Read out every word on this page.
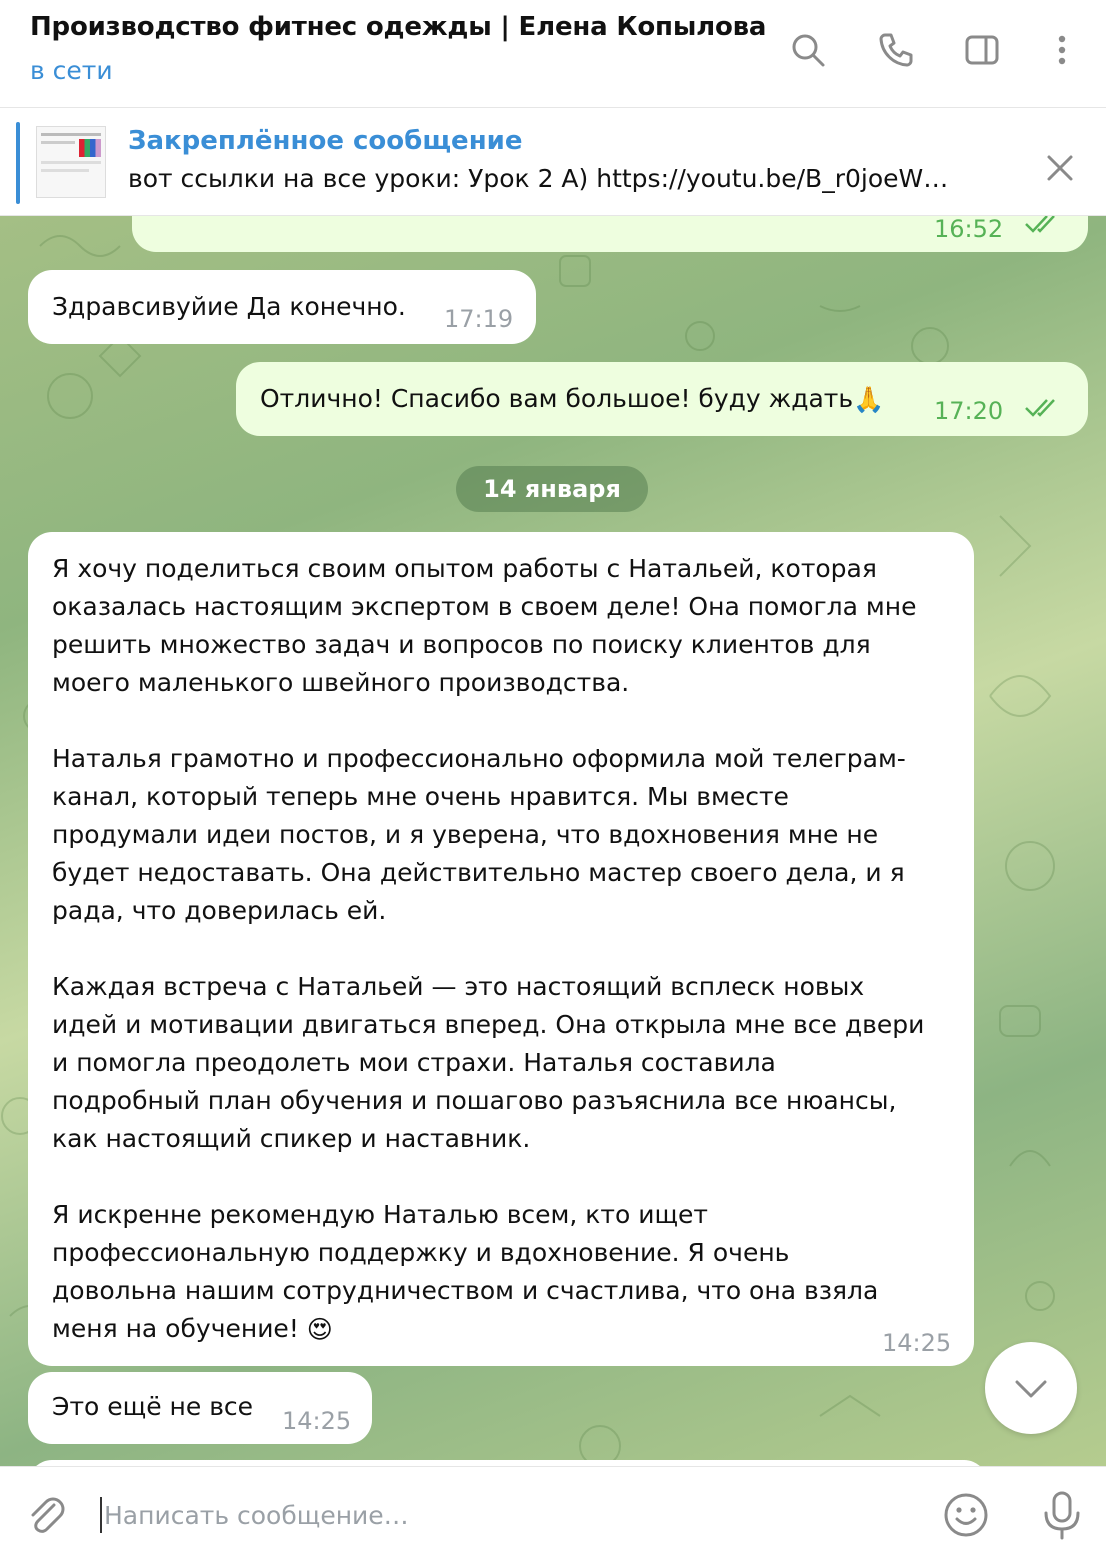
Производство фитнес одежды | Елена Копылова
в сети
Закреплённое сообщение
вот ссылки на все уроки: Урок 2 А) https://youtu.be/B_r0joeW…
16:52
Здравсивуйие Да конечно. 17:19
Отлично! Спасибо вам большое! буду ждать🙏 17:20
14 января
Я хочу поделиться своим опытом работы с Натальей, которая
оказалась настоящим экспертом в своем деле! Она помогла мне
решить множество задач и вопросов по поиску клиентов для
моего маленького швейного производства.

Наталья грамотно и профессионально оформила мой телеграм-
канал, который теперь мне очень нравится. Мы вместе
продумали идеи постов, и я уверена, что вдохновения мне не
будет недоставать. Она действительно мастер своего дела, и я
рада, что доверилась ей.

Каждая встреча с Натальей — это настоящий всплеск новых
идей и мотивации двигаться вперед. Она открыла мне все двери
и помогла преодолеть мои страхи. Наталья составила
подробный план обучения и пошагово разъяснила все нюансы,
как настоящий спикер и наставник.

Я искренне рекомендую Наталью всем, кто ищет
профессиональную поддержку и вдохновение. Я очень
довольна нашим сотрудничеством и счастлива, что она взяла
меня на обучение! 😍	14:25
Это ещё не все 14:25
Написать сообщение…
